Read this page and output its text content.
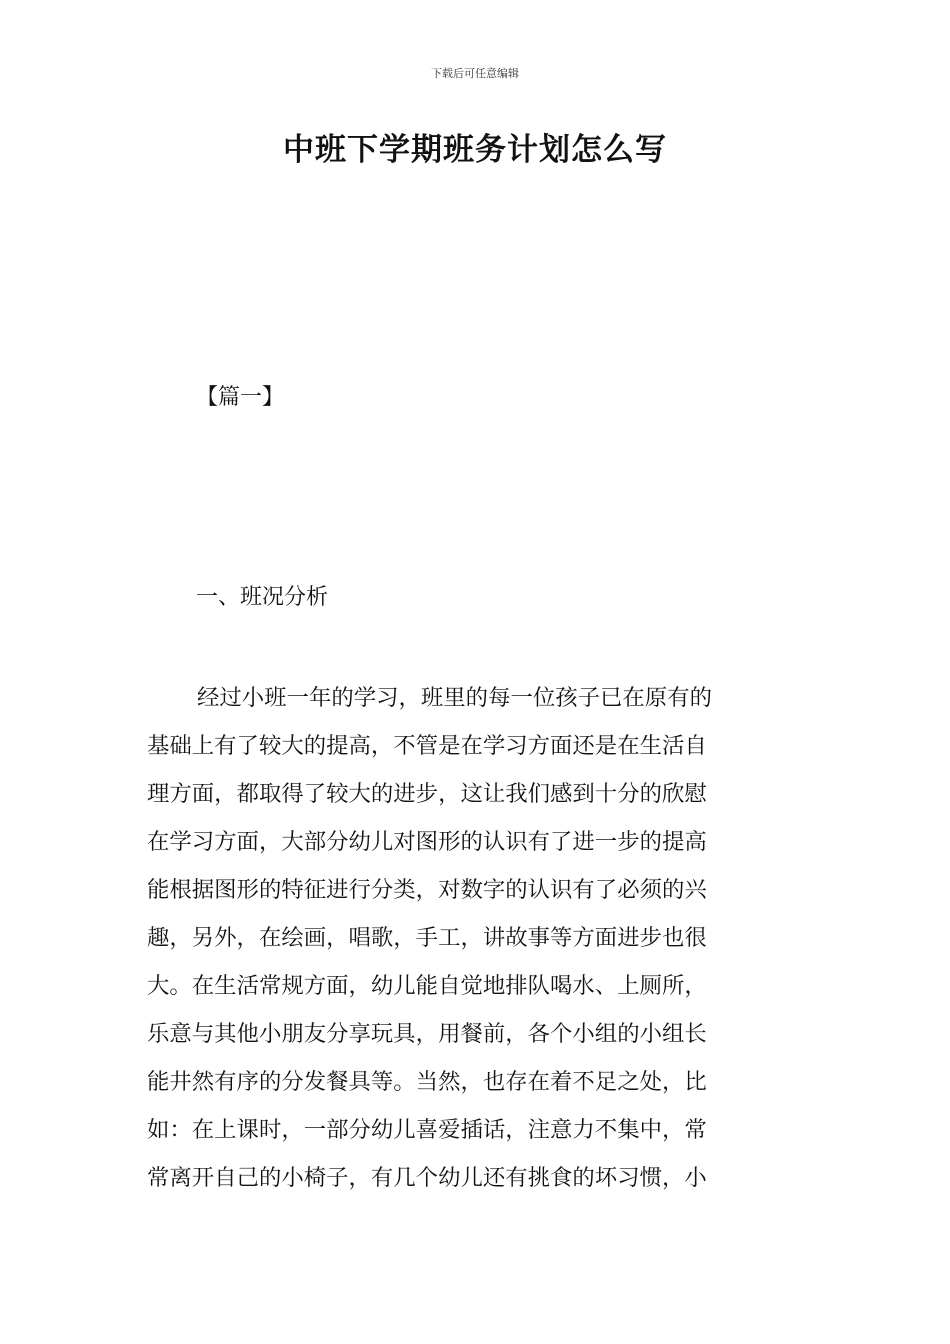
下载后可任意编辑
中班下学期班务计划怎么写
【篇一】
一、班况分析
经过小班一年的学习，班里的每一位孩子已在原有的
基础上有了较大的提高，不管是在学习方面还是在生活自
理方面，都取得了较大的进步，这让我们感到十分的欣慰
在学习方面，大部分幼儿对图形的认识有了进一步的提高
能根据图形的特征进行分类，对数字的认识有了必须的兴
趣，另外，在绘画，唱歌，手工，讲故事等方面进步也很
大。在生活常规方面，幼儿能自觉地排队喝水、上厕所，
乐意与其他小朋友分享玩具，用餐前，各个小组的小组长
能井然有序的分发餐具等。当然，也存在着不足之处，比
如：在上课时，一部分幼儿喜爱插话，注意力不集中，常
常离开自己的小椅子，有几个幼儿还有挑食的坏习惯，小
